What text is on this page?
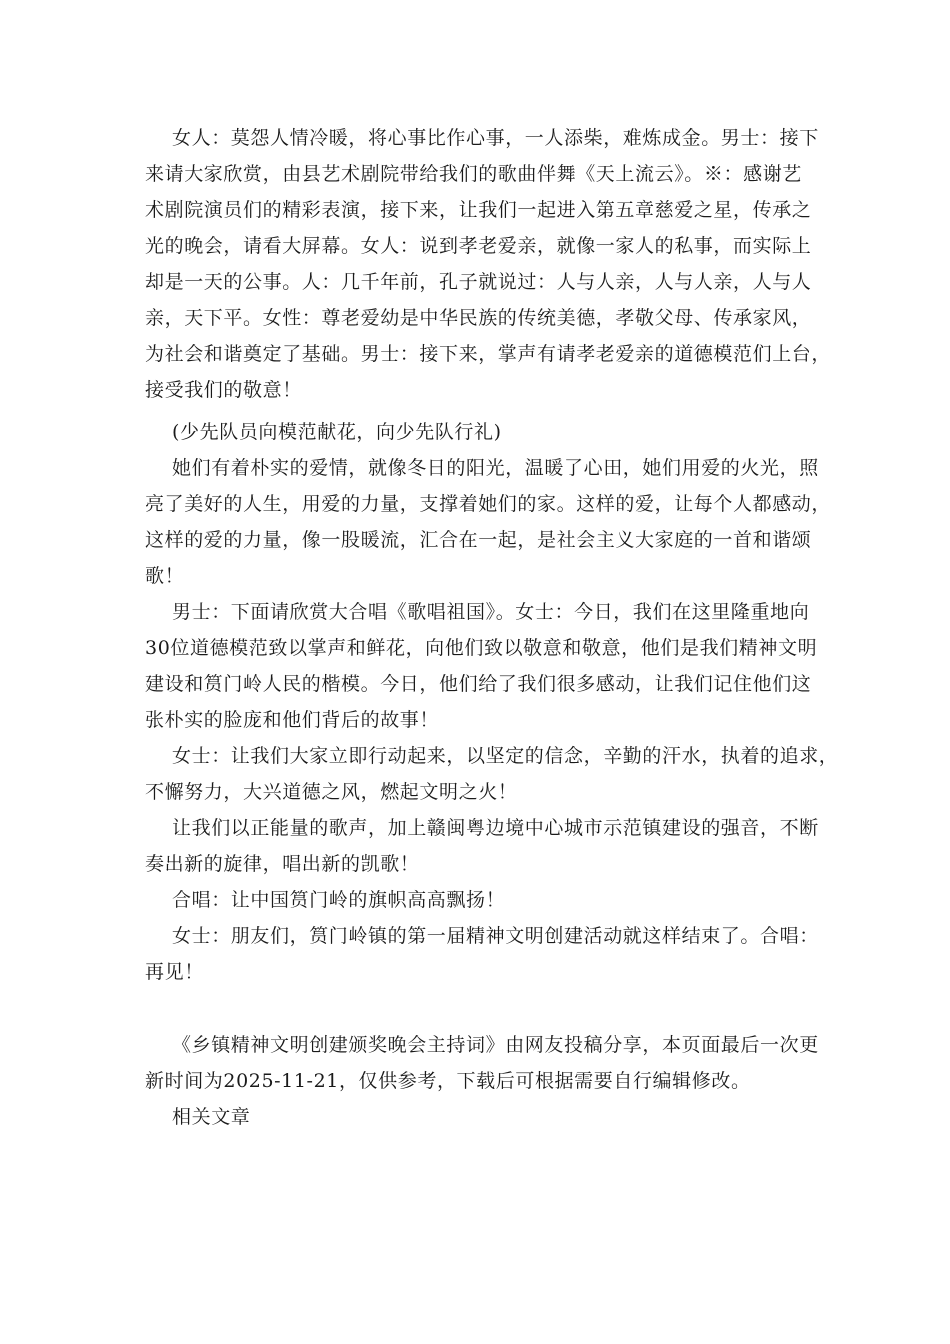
女人：莫怨人情冷暖，将心事比作心事，一人添柴，难炼成金。男士：接下
来请大家欣赏，由县艺术剧院带给我们的歌曲伴舞《天上流云》。※：感谢艺
术剧院演员们的精彩表演，接下来，让我们一起进入第五章慈爱之星，传承之
光的晚会，请看大屏幕。女人：说到孝老爱亲，就像一家人的私事，而实际上
却是一天的公事。人：几千年前，孔子就说过：人与人亲，人与人亲，人与人
亲，天下平。女性：尊老爱幼是中华民族的传统美德，孝敬父母、传承家风，
为社会和谐奠定了基础。男士：接下来，掌声有请孝老爱亲的道德模范们上台，
接受我们的敬意！
(少先队员向模范献花，向少先队行礼)
她们有着朴实的爱情，就像冬日的阳光，温暖了心田，她们用爱的火光，照
亮了美好的人生，用爱的力量，支撑着她们的家。这样的爱，让每个人都感动，
这样的爱的力量，像一股暖流，汇合在一起，是社会主义大家庭的一首和谐颂
歌！
男士：下面请欣赏大合唱《歌唱祖国》。女士：今日，我们在这里隆重地向
30位道德模范致以掌声和鲜花，向他们致以敬意和敬意，他们是我们精神文明
建设和筼门岭人民的楷模。今日，他们给了我们很多感动，让我们记住他们这
张朴实的脸庞和他们背后的故事！
女士：让我们大家立即行动起来，以坚定的信念，辛勤的汗水，执着的追求，
不懈努力，大兴道德之风，燃起文明之火！
让我们以正能量的歌声，加上赣闽粤边境中心城市示范镇建设的强音，不断
奏出新的旋律，唱出新的凯歌！
合唱：让中国筼门岭的旗帜高高飘扬！
女士：朋友们，筼门岭镇的第一届精神文明创建活动就这样结束了。合唱：
再见！
《乡镇精神文明创建颁奖晚会主持词》由网友投稿分享，本页面最后一次更
新时间为2025-11-21，仅供参考，下载后可根据需要自行编辑修改。
相关文章
